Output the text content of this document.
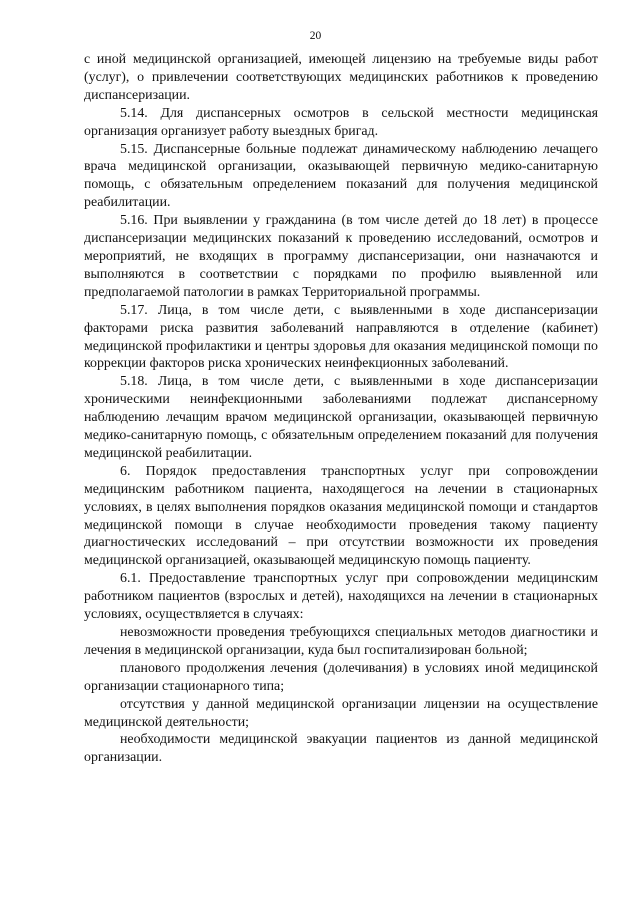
20

с иной медицинской организацией, имеющей лицензию на требуемые виды работ (услуг), о привлечении соответствующих медицинских работников к проведению диспансеризации.

5.14. Для диспансерных осмотров в сельской местности медицинская организация организует работу выездных бригад.

5.15. Диспансерные больные подлежат динамическому наблюдению лечащего врача медицинской организации, оказывающей первичную медико-санитарную помощь, с обязательным определением показаний для получения медицинской реабилитации.

5.16. При выявлении у гражданина (в том числе детей до 18 лет) в процессе диспансеризации медицинских показаний к проведению исследований, осмотров и мероприятий, не входящих в программу диспансеризации, они назначаются и выполняются в соответствии с порядками по профилю выявленной или предполагаемой патологии в рамках Территориальной программы.

5.17. Лица, в том числе дети, с выявленными в ходе диспансеризации факторами риска развития заболеваний направляются в отделение (кабинет) медицинской профилактики и центры здоровья для оказания медицинской помощи по коррекции факторов риска хронических неинфекционных заболеваний.

5.18. Лица, в том числе дети, с выявленными в ходе диспансеризации хроническими неинфекционными заболеваниями подлежат диспансерному наблюдению лечащим врачом медицинской организации, оказывающей первичную медико-санитарную помощь, с обязательным определением показаний для получения медицинской реабилитации.

6. Порядок предоставления транспортных услуг при сопровождении медицинским работником пациента, находящегося на лечении в стационарных условиях, в целях выполнения порядков оказания медицинской помощи и стандартов медицинской помощи в случае необходимости проведения такому пациенту диагностических исследований – при отсутствии возможности их проведения медицинской организацией, оказывающей медицинскую помощь пациенту.

6.1. Предоставление транспортных услуг при сопровождении медицинским работником пациентов (взрослых и детей), находящихся на лечении в стационарных условиях, осуществляется в случаях:

невозможности проведения требующихся специальных методов диагностики и лечения в медицинской организации, куда был госпитализирован больной;

планового продолжения лечения (долечивания) в условиях иной медицинской организации стационарного типа;

отсутствия у данной медицинской организации лицензии на осуществление медицинской деятельности;

необходимости медицинской эвакуации пациентов из данной медицинской организации.
